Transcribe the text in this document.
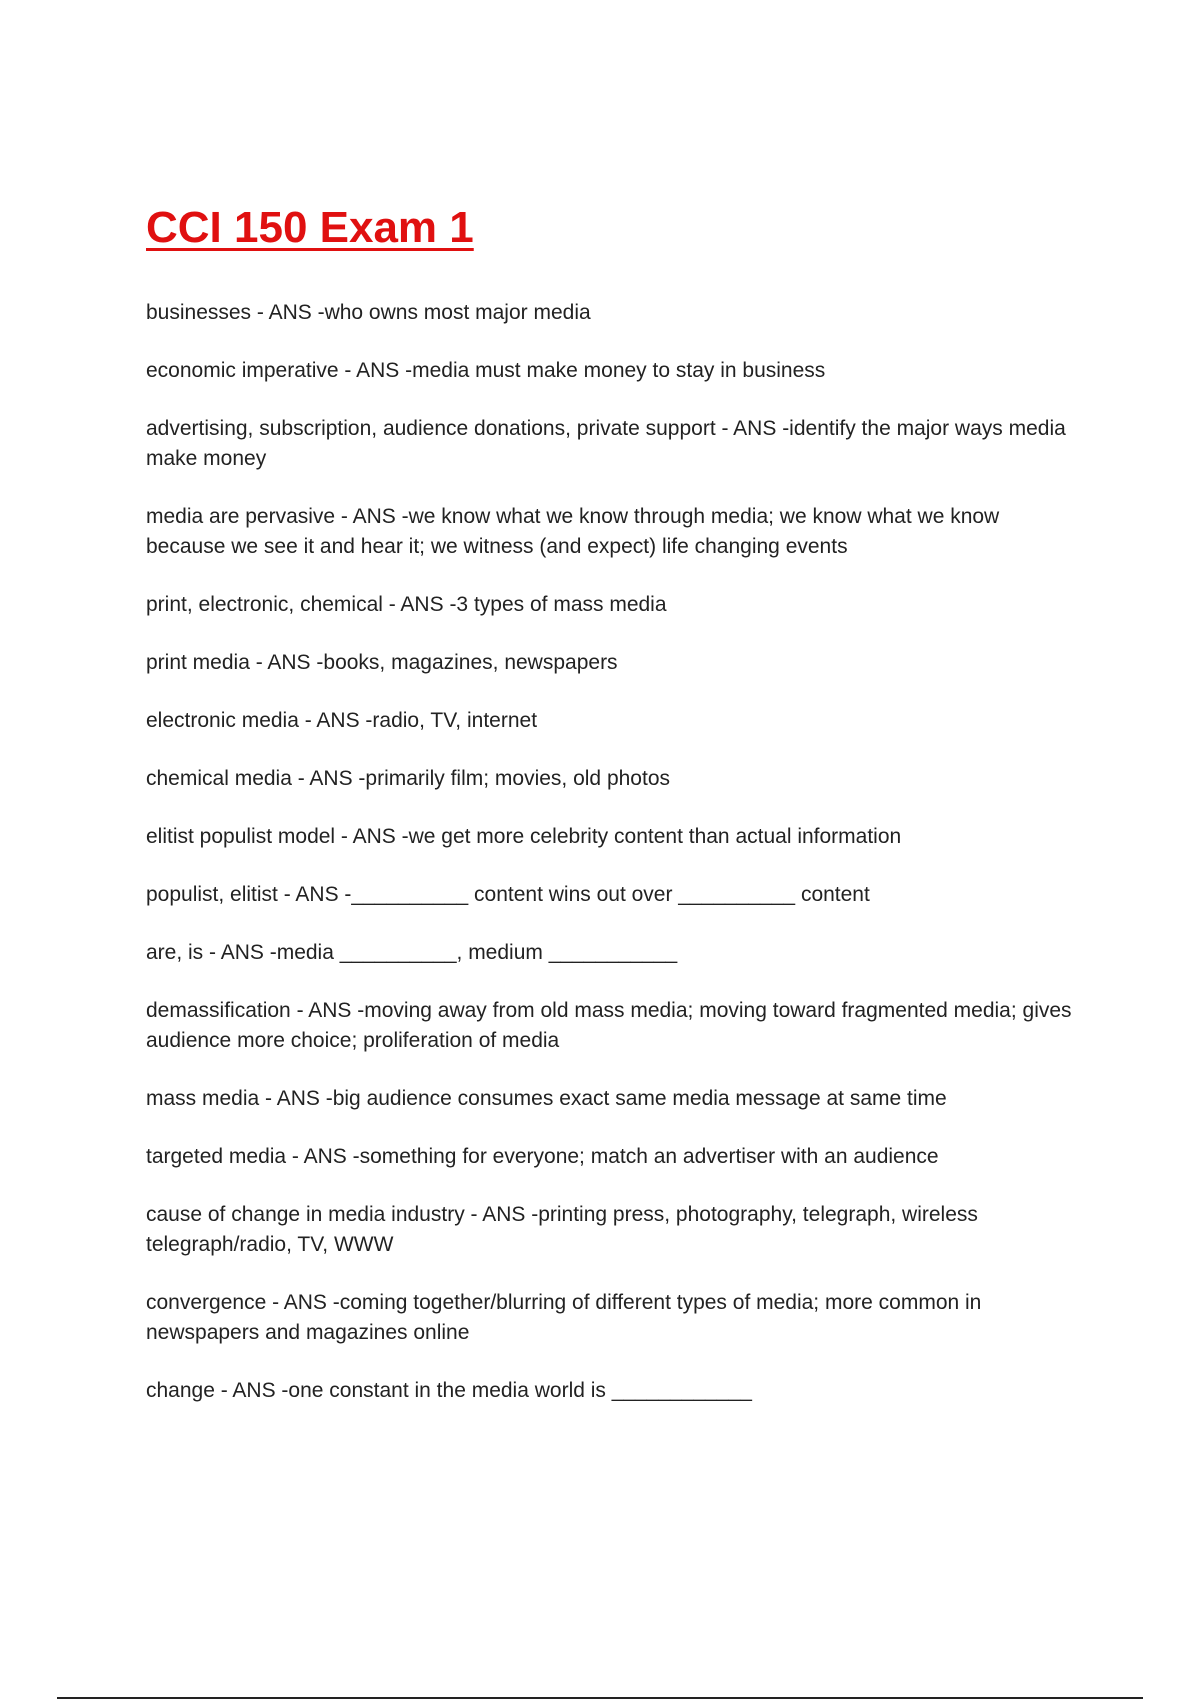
CCI 150 Exam 1
businesses - ANS -who owns most major media
economic imperative - ANS -media must make money to stay in business
advertising, subscription, audience donations, private support - ANS -identify the major ways media make money
media are pervasive - ANS -we know what we know through media; we know what we know because we see it and hear it; we witness (and expect) life changing events
print, electronic, chemical - ANS -3 types of mass media
print media - ANS -books, magazines, newspapers
electronic media - ANS -radio, TV, internet
chemical media - ANS -primarily film; movies, old photos
elitist populist model - ANS -we get more celebrity content than actual information
populist, elitist - ANS -__________ content wins out over __________ content
are, is - ANS -media __________, medium ___________
demassification - ANS -moving away from old mass media; moving toward fragmented media; gives audience more choice; proliferation of media
mass media - ANS -big audience consumes exact same media message at same time
targeted media - ANS -something for everyone; match an advertiser with an audience
cause of change in media industry - ANS -printing press, photography, telegraph, wireless telegraph/radio, TV, WWW
convergence - ANS -coming together/blurring of different types of media; more common in newspapers and magazines online
change - ANS -one constant in the media world is ____________
